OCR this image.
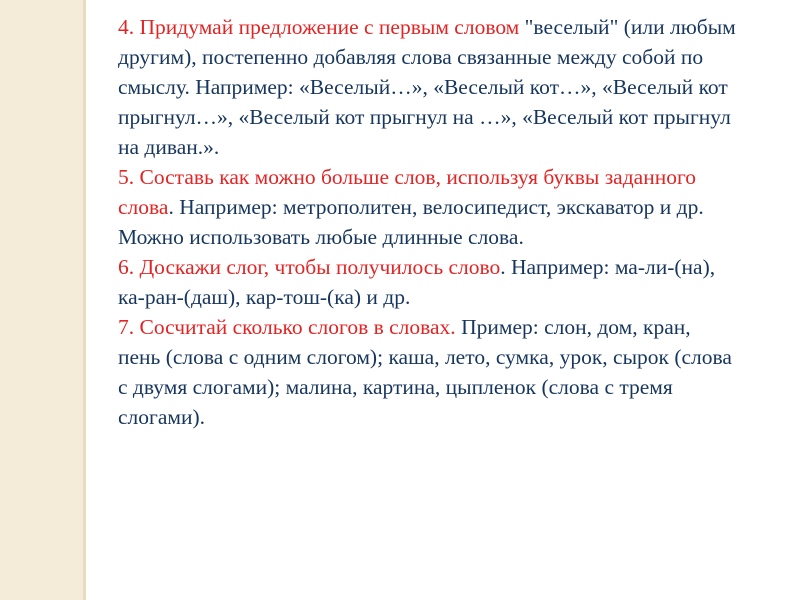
4. Придумай предложение с первым словом "веселый" (или любым другим), постепенно добавляя слова связанные между собой по смыслу. Например: «Веселый…», «Веселый кот…», «Веселый кот прыгнул…», «Веселый кот прыгнул на …», «Веселый кот прыгнул на диван.».

5. Составь как можно больше слов, используя буквы заданного слова. Например: метрополитен, велосипедист, экскаватор и др. Можно использовать любые длинные слова.

6. Доскажи слог, чтобы получилось слово. Например: ма-ли-(на), ка-ран-(даш), кар-тош-(ка) и др.

7. Сосчитай сколько слогов в словах. Пример: слон, дом, кран, пень (слова с одним слогом); каша, лето, сумка, урок, сырок (слова с двумя слогами); малина, картина, цыпленок (слова с тремя слогами).
